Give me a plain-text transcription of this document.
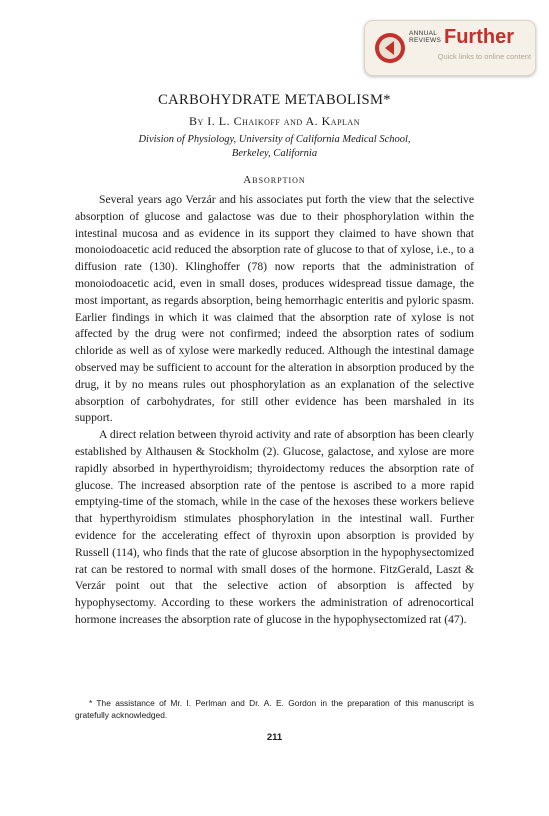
ANNUAL
REVIEWS Further
Quick links to online content
CARBOHYDRATE METABOLISM*
By I. L. Chaikoff and A. Kaplan
Division of Physiology, University of California Medical School,
Berkeley, California
Absorption

Several years ago Verzár and his associates put forth the view that the selective absorption of glucose and galactose was due to their phosphorylation within the intestinal mucosa and as evidence in its support they claimed to have shown that monoiodoacetic acid reduced the absorption rate of glucose to that of xylose, i.e., to a diffusion rate (130). Klinghoffer (78) now reports that the administration of monoiodoacetic acid, even in small doses, produces widespread tissue damage, the most important, as regards absorption, being hemorrhagic enteritis and pyloric spasm. Earlier findings in which it was claimed that the absorption rate of xylose is not affected by the drug were not confirmed; indeed the absorption rates of sodium chloride as well as of xylose were markedly reduced. Although the intestinal damage observed may be sufficient to account for the alteration in absorption produced by the drug, it by no means rules out phosphorylation as an explanation of the selective absorption of carbohydrates, for still other evidence has been marshaled in its support.

A direct relation between thyroid activity and rate of absorption has been clearly established by Althausen & Stockholm (2). Glucose, galactose, and xylose are more rapidly absorbed in hyperthyroidism; thyroidectomy reduces the absorption rate of glucose. The increased absorption rate of the pentose is ascribed to a more rapid emptying-time of the stomach, while in the case of the hexoses these workers believe that hyperthyroidism stimulates phosphorylation in the intestinal wall. Further evidence for the accelerating effect of thyroxin upon absorption is provided by Russell (114), who finds that the rate of glucose absorption in the hypophysectomized rat can be restored to normal with small doses of the hormone. FitzGerald, Laszt & Verzár point out that the selective action of absorption is affected by hypophysectomy. According to these workers the administration of adrenocortical hormone increases the absorption rate of glucose in the hypophysectomized rat (47).

* The assistance of Mr. I. Perlman and Dr. A. E. Gordon in the preparation of this manuscript is gratefully acknowledged.
211
